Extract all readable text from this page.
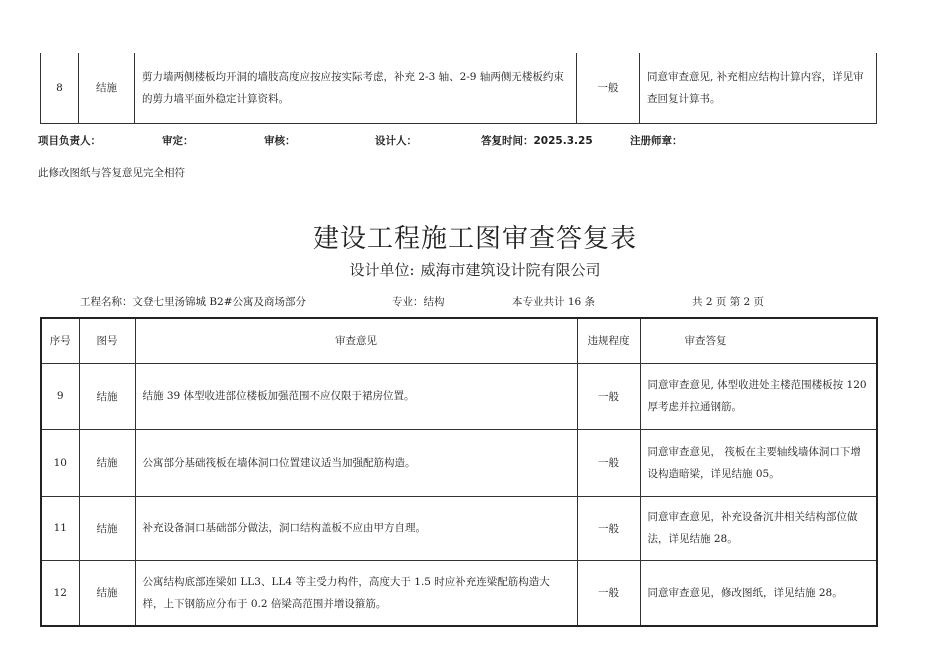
8	结施	剪力墙两侧楼板均开洞的墙肢高度应按应按实际考虑，补充 2-3 轴、2-9 轴两侧无楼板约束的剪力墙平面外稳定计算资料。	一般	同意审查意见, 补充相应结构计算内容，详见审查回复计算书。
项目负责人：	审定：	审核：	设计人：	答复时间：2025.3.25	注册师章：
此修改图纸与答复意见完全相符
建设工程施工图审查答复表
设计单位: 威海市建筑设计院有限公司
工程名称：文登七里汤锦城 B2#公寓及商场部分	专业：结构	本专业共计 16 条	共 2 页 第 2 页
序号	图号	审查意见	违规程度	审查答复
9	结施	结施 39 体型收进部位楼板加强范围不应仅限于裙房位置。	一般	同意审查意见, 体型收进处主楼范围楼板按 120 厚考虑并拉通钢筋。
10	结施	公寓部分基础筏板在墙体洞口位置建议适当加强配筋构造。	一般	同意审查意见， 筏板在主要轴线墙体洞口下增设构造暗梁，详见结施 05。
11	结施	补充设备洞口基础部分做法，洞口结构盖板不应由甲方自理。	一般	同意审查意见，补充设备沉井相关结构部位做法，详见结施 28。
12	结施	公寓结构底部连梁如 LL3、LL4 等主受力构件，高度大于 1.5 时应补充连梁配筋构造大样，上下钢筋应分布于 0.2 倍梁高范围并增设箍筋。	一般	同意审查意见，修改图纸，详见结施 28。
